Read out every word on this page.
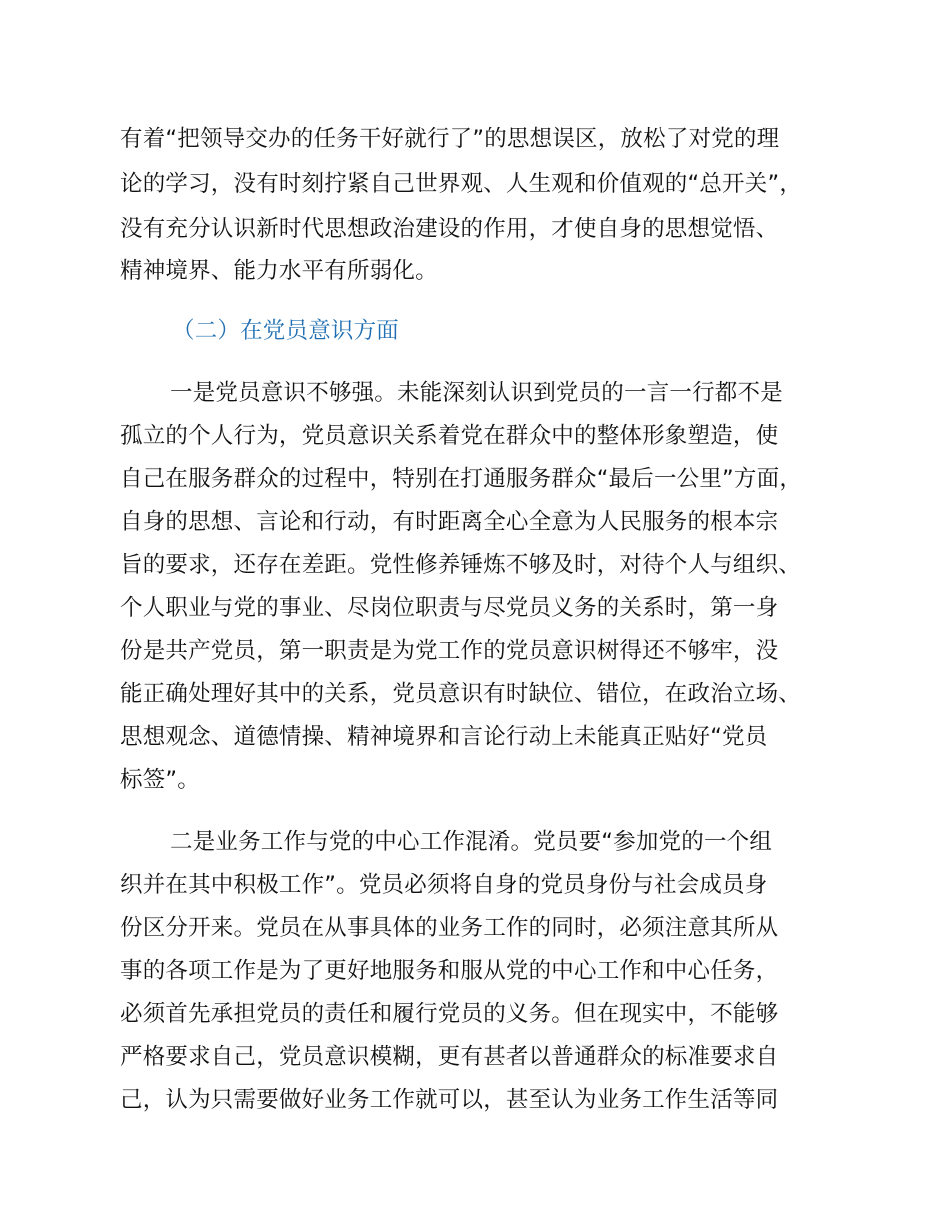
有着“把领导交办的任务干好就行了”的思想误区，放松了对党的理
论的学习，没有时刻拧紧自己世界观、人生观和价值观的“总开关”，
没有充分认识新时代思想政治建设的作用，才使自身的思想觉悟、
精神境界、能力水平有所弱化。
（二）在党员意识方面
一是党员意识不够强。未能深刻认识到党员的一言一行都不是
孤立的个人行为，党员意识关系着党在群众中的整体形象塑造，使
自己在服务群众的过程中，特别在打通服务群众“最后一公里”方面，
自身的思想、言论和行动，有时距离全心全意为人民服务的根本宗
旨的要求，还存在差距。党性修养锤炼不够及时，对待个人与组织、
个人职业与党的事业、尽岗位职责与尽党员义务的关系时，第一身
份是共产党员，第一职责是为党工作的党员意识树得还不够牢，没
能正确处理好其中的关系，党员意识有时缺位、错位，在政治立场、
思想观念、道德情操、精神境界和言论行动上未能真正贴好“党员
标签”。
二是业务工作与党的中心工作混淆。党员要“参加党的一个组
织并在其中积极工作”。党员必须将自身的党员身份与社会成员身
份区分开来。党员在从事具体的业务工作的同时，必须注意其所从
事的各项工作是为了更好地服务和服从党的中心工作和中心任务，
必须首先承担党员的责任和履行党员的义务。但在现实中，不能够
严格要求自己，党员意识模糊，更有甚者以普通群众的标准要求自
己，认为只需要做好业务工作就可以，甚至认为业务工作生活等同
